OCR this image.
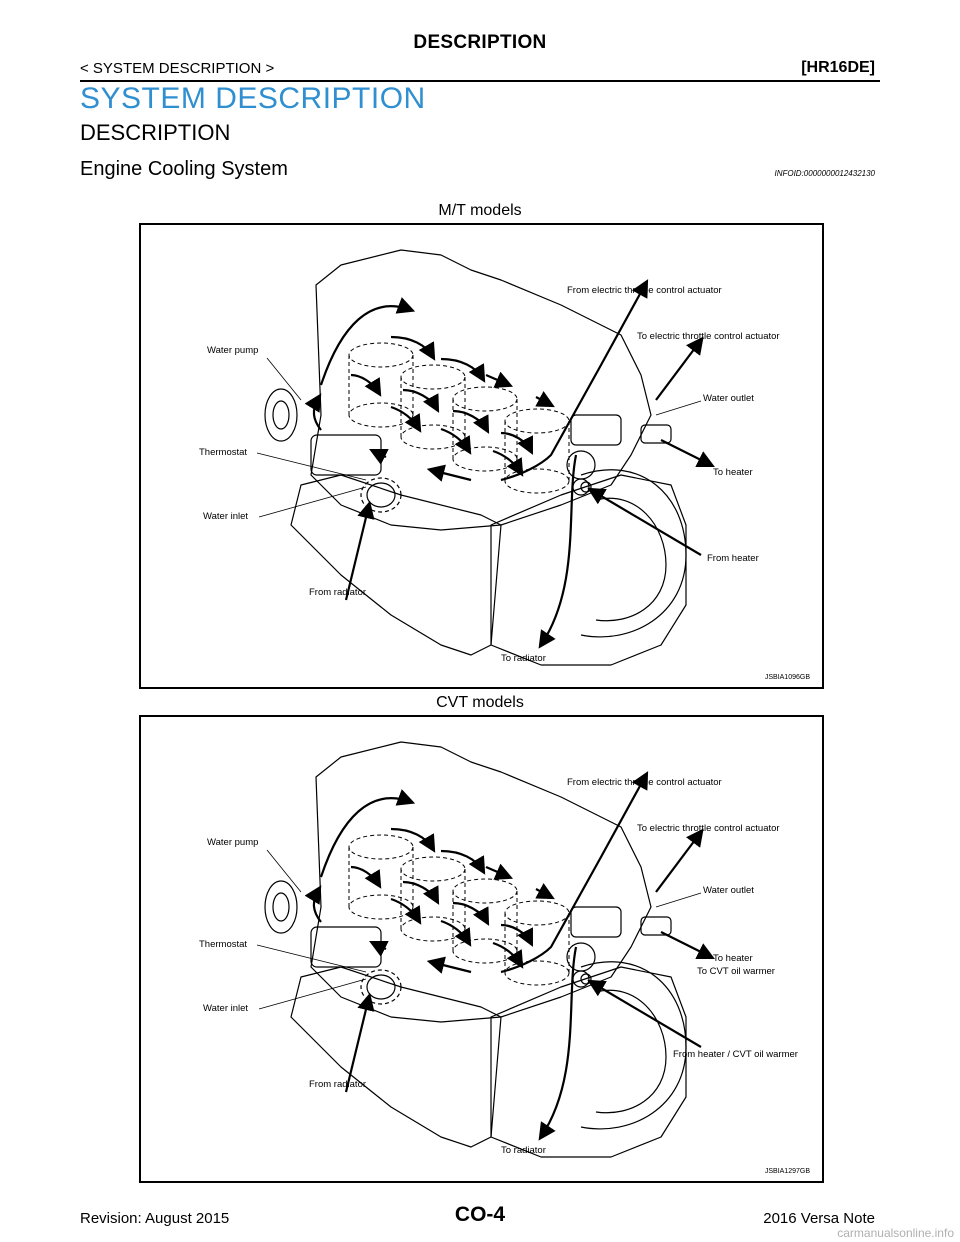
DESCRIPTION
< SYSTEM DESCRIPTION >	[HR16DE]
SYSTEM DESCRIPTION
DESCRIPTION
Engine Cooling System	INFOID:0000000012432130
M/T models
From electric throttle control actuator
To electric throttle control actuator
Water pump
Water outlet
Thermostat
To heater
Water inlet
From heater
From radiator
To radiator
JSBIA1096GB
CVT models
From electric throttle control actuator
To electric throttle control actuator
Water pump
Water outlet
Thermostat
To heater
To CVT oil warmer
Water inlet
From heater / CVT oil warmer
From radiator
To radiator
JSBIA1297GB
CO-4
Revision: August 2015	2016 Versa Note
carmanualsonline.info
